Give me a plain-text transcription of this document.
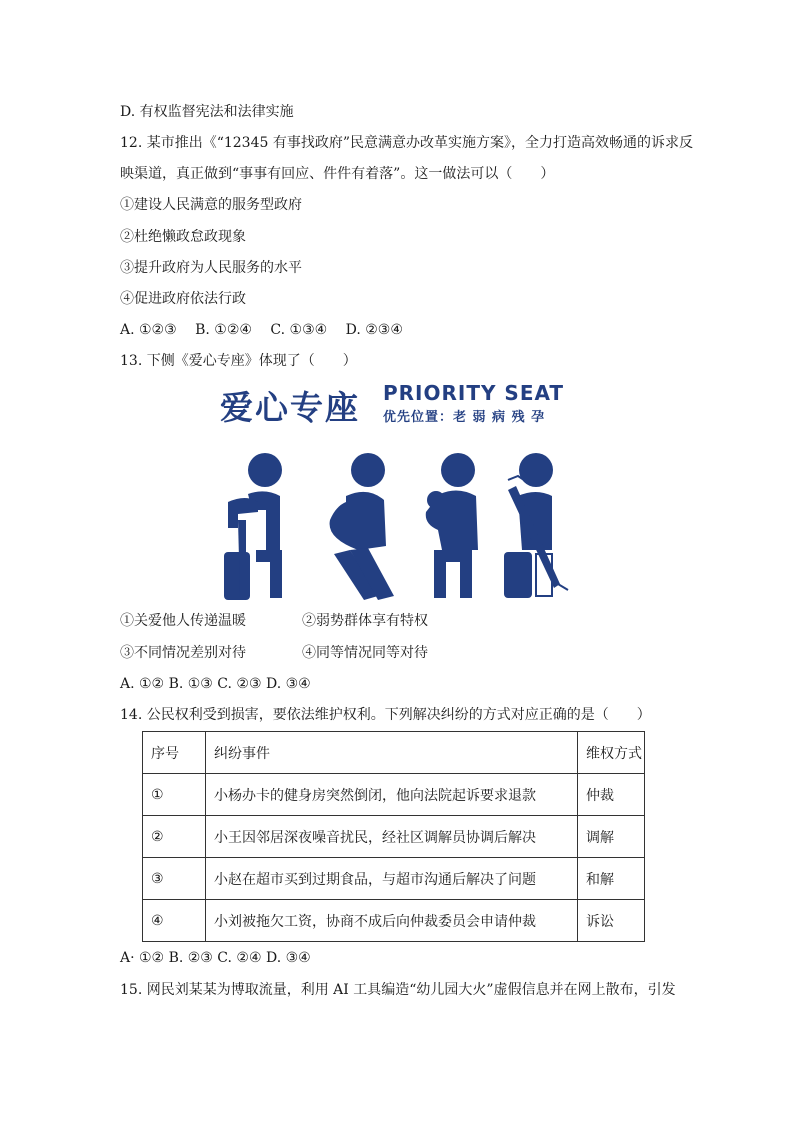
D. 有权监督宪法和法律实施
12. 某市推出《“12345 有事找政府”民意满意办改革实施方案》，全力打造高效畅通的诉求反
映渠道，真正做到“事事有回应、件件有着落”。这一做法可以（　　）
①建设人民满意的服务型政府
②杜绝懒政怠政现象
③提升政府为人民服务的水平
④促进政府依法行政
A. ①②③　 B. ①②④　 C. ①③④　 D. ②③④
13. 下侧《爱心专座》体现了（　　）
爱心专座 PRIORITY SEAT
优先位置：老 弱 病 残 孕
①关爱他人传递温暖	②弱势群体享有特权
③不同情况差别对待	④同等情况同等对待
A. ①② B. ①③ C. ②③ D. ③④
14. 公民权利受到损害，要依法维护权利。下列解决纠纷的方式对应正确的是（　　）
序号	纠纷事件	维权方式
①	小杨办卡的健身房突然倒闭，他向法院起诉要求退款	仲裁
②	小王因邻居深夜噪音扰民，经社区调解员协调后解决	调解
③	小赵在超市买到过期食品，与超市沟通后解决了问题	和解
④	小刘被拖欠工资，协商不成后向仲裁委员会申请仲裁	诉讼
A· ①② B. ②③ C. ②④ D. ③④
15. 网民刘某某为博取流量，利用 AI 工具编造“幼儿园大火”虚假信息并在网上散布，引发
